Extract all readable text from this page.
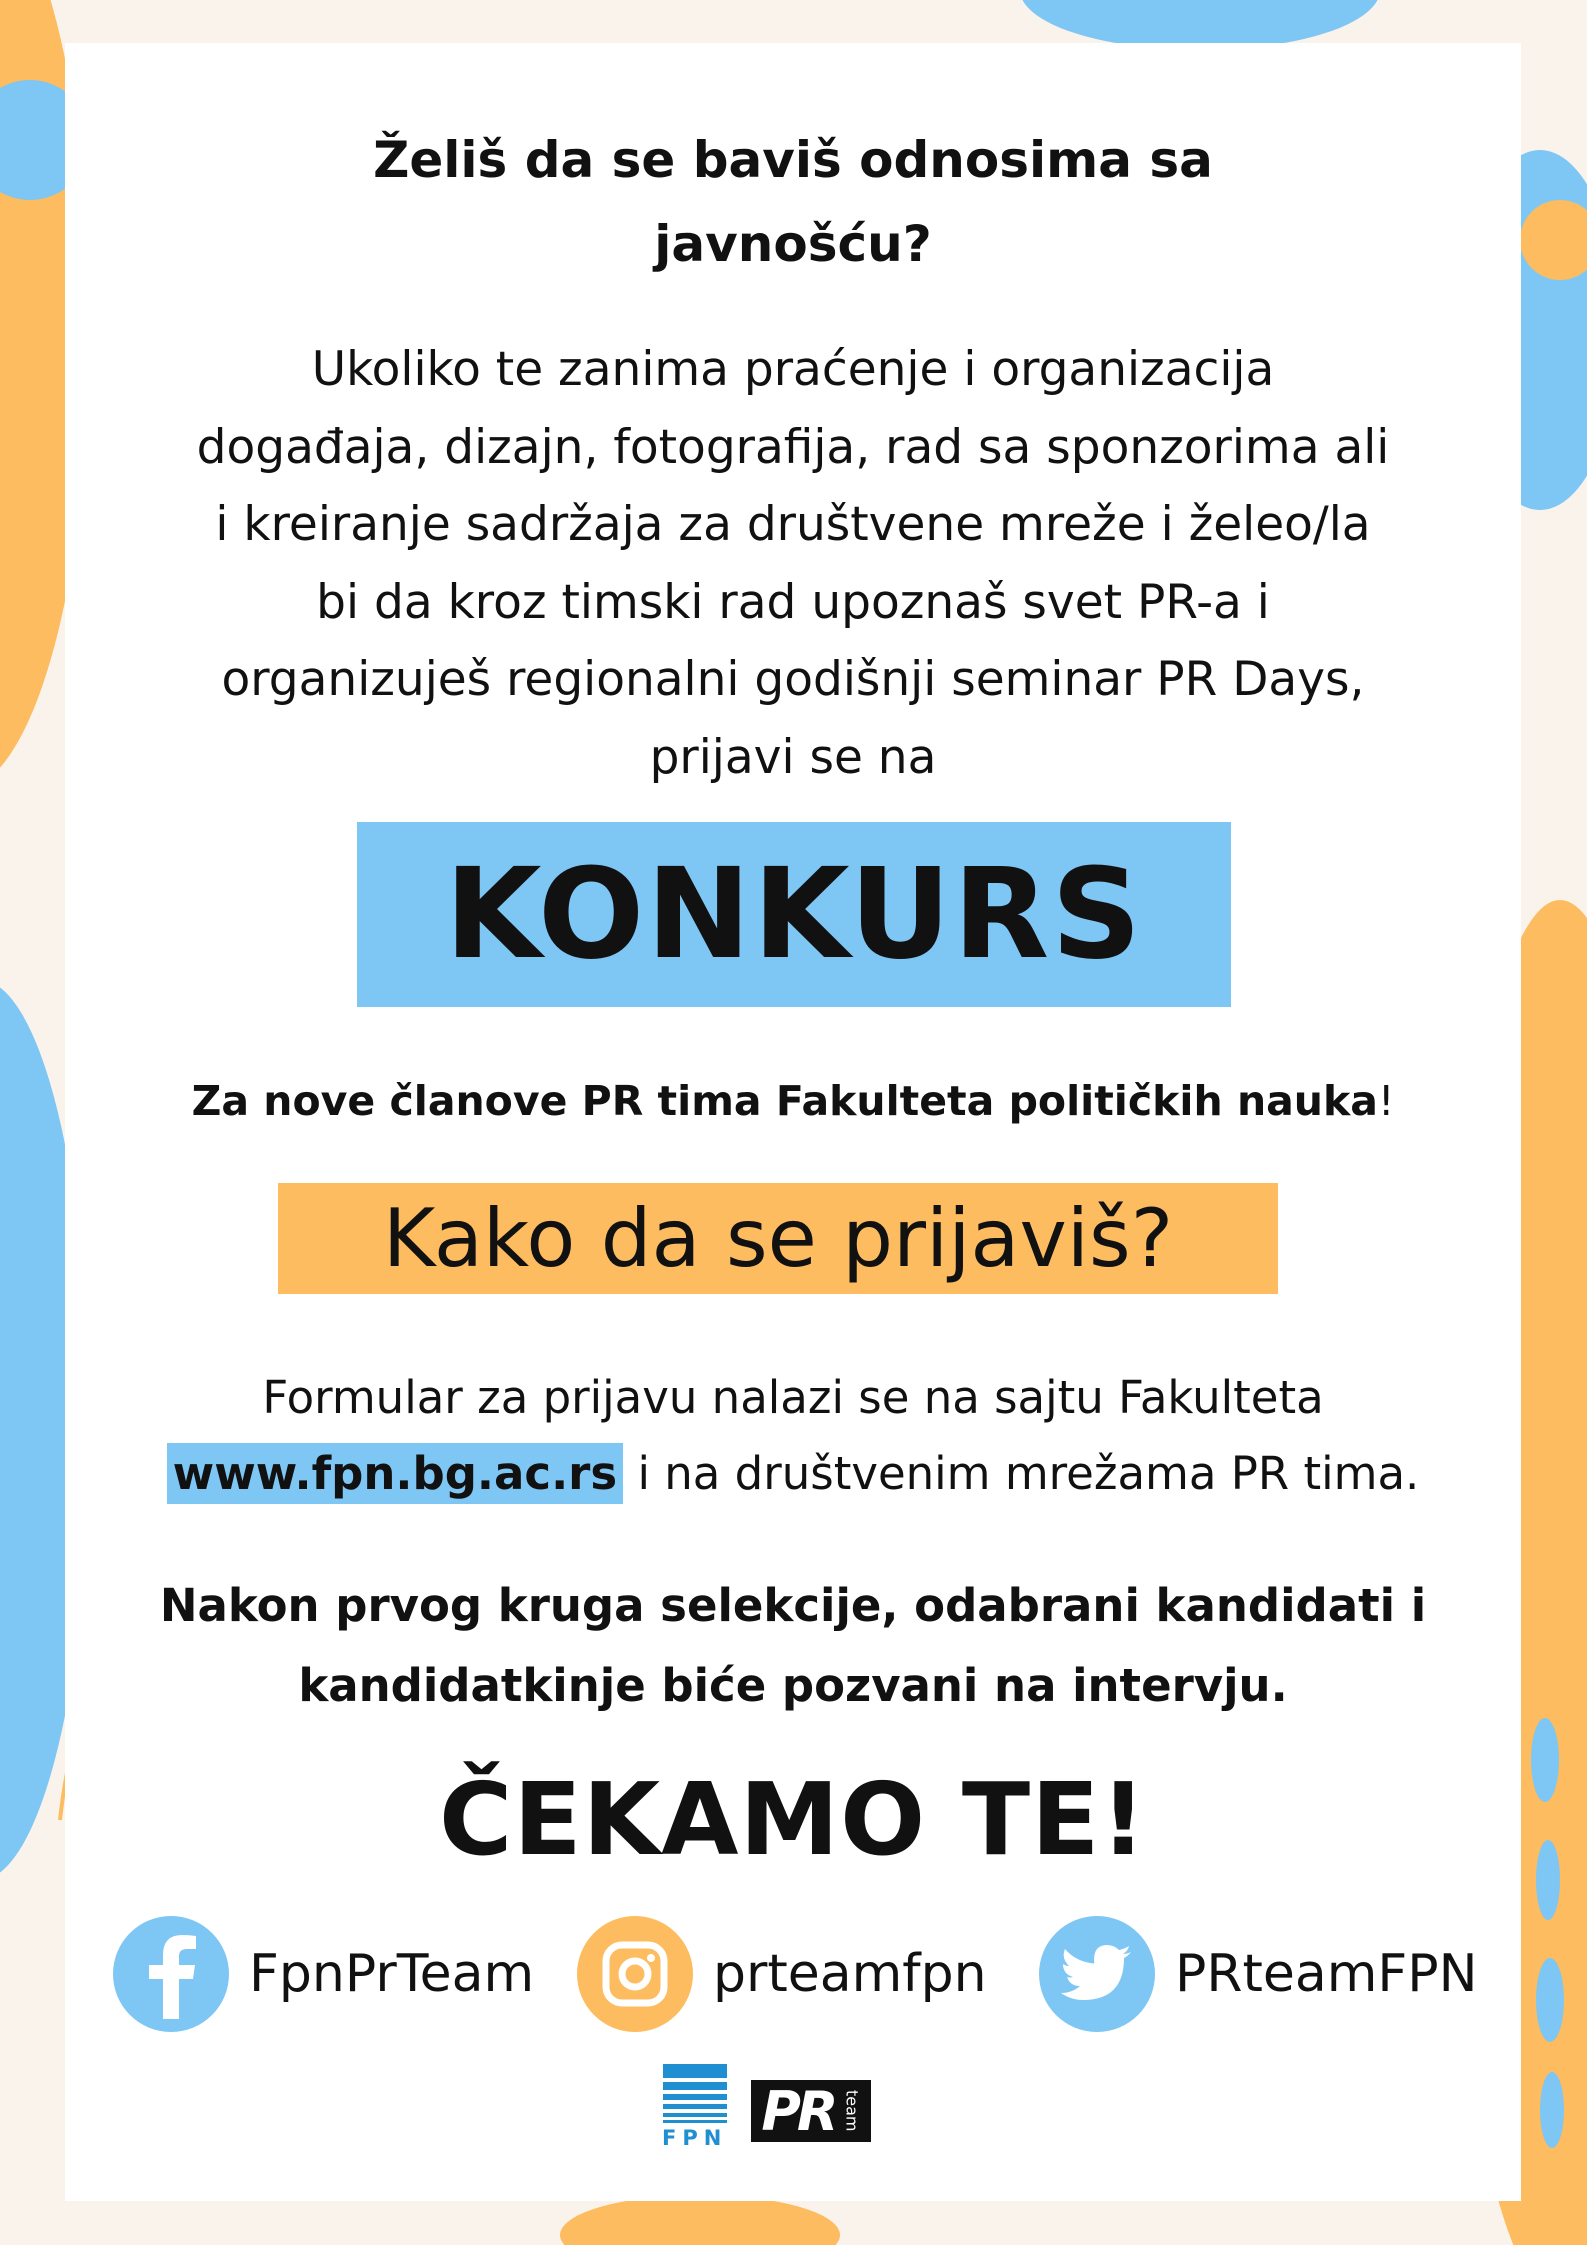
Želiš da se baviš odnosima sa
javnošću?
Ukoliko te zanima praćenje i organizacija
događaja, dizajn, fotografija, rad sa sponzorima ali
i kreiranje sadržaja za društvene mreže i želeo/la
bi da kroz timski rad upoznaš svet PR-a i
organizuješ regionalni godišnji seminar PR Days,
prijavi se na
KONKURS
Za nove članove PR tima Fakulteta političkih nauka!
Kako da se prijaviš?
Formular za prijavu nalazi se na sajtu Fakulteta
www.fpn.bg.ac.rs i na društvenim mrežama PR tima.
Nakon prvog kruga selekcije, odabrani kandidati i
kandidatkinje biće pozvani na intervju.
ČEKAMO TE!
FpnPrTeam	prteamfpn	PRteamFPN
FPN PR team
